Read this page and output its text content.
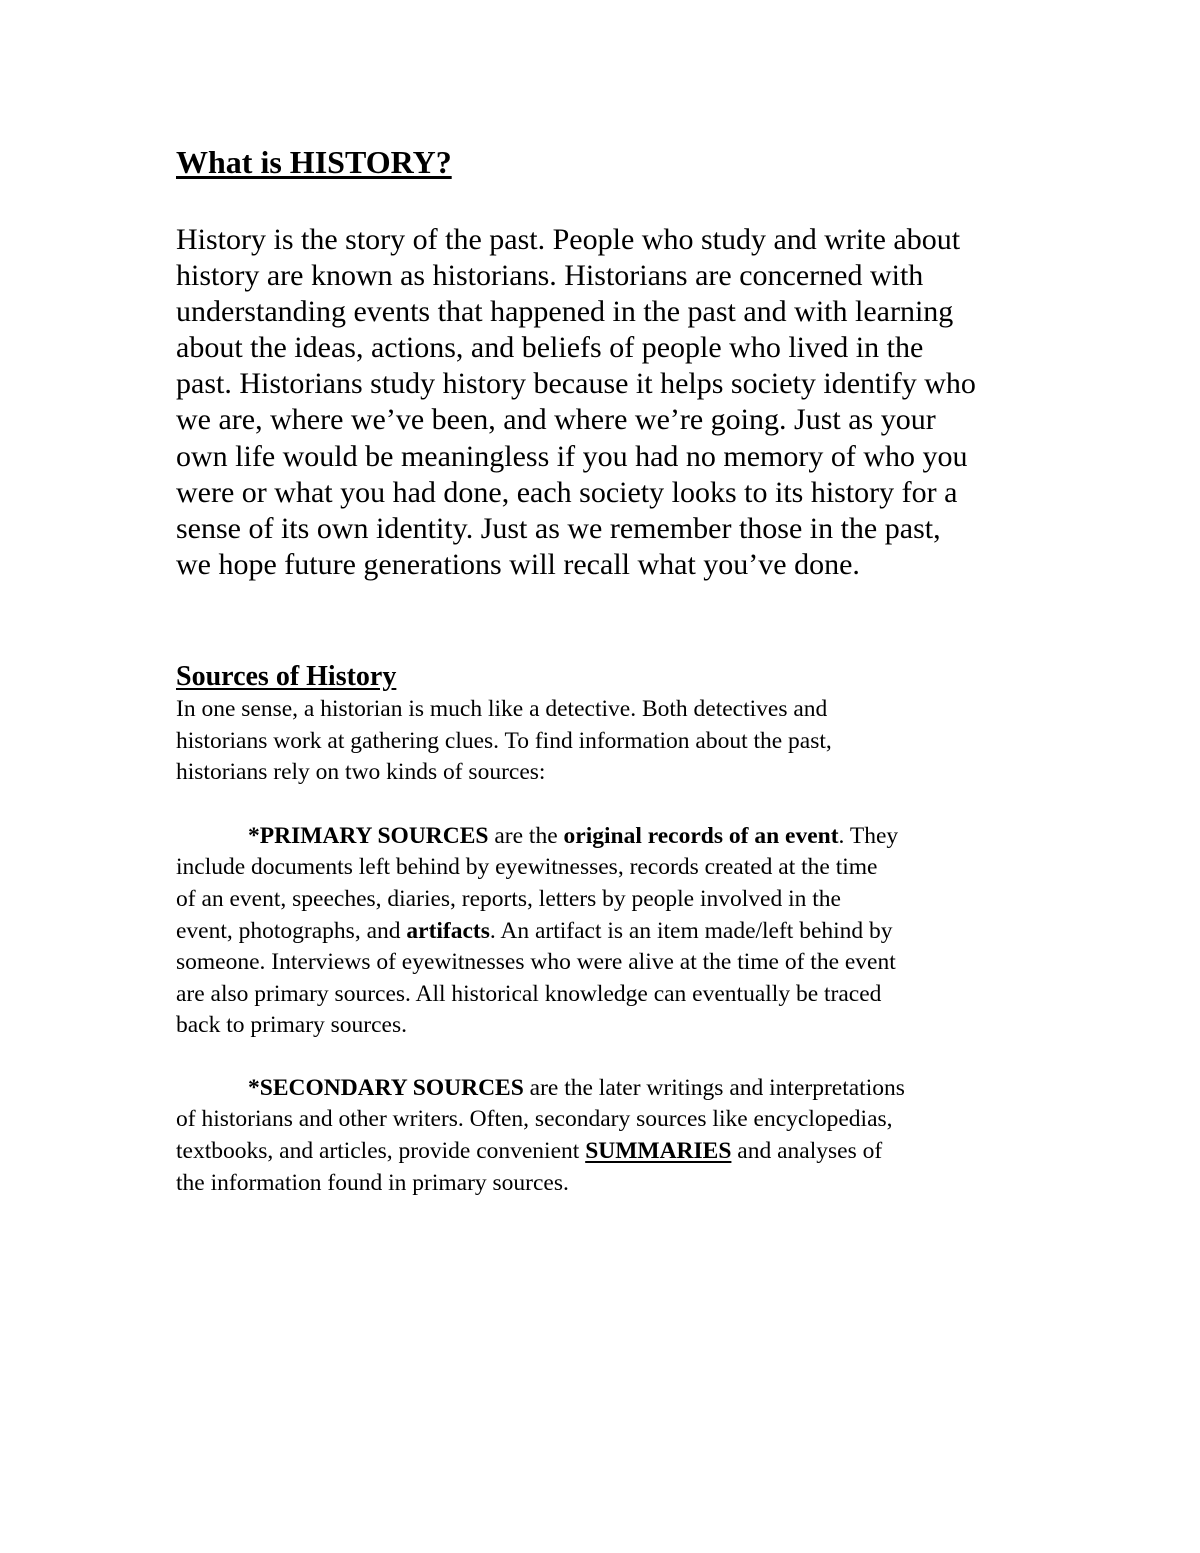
What is HISTORY?

History is the story of the past. People who study and write about
history are known as historians. Historians are concerned with
understanding events that happened in the past and with learning
about the ideas, actions, and beliefs of people who lived in the
past. Historians study history because it helps society identify who
we are, where we’ve been, and where we’re going. Just as your
own life would be meaningless if you had no memory of who you
were or what you had done, each society looks to its history for a
sense of its own identity. Just as we remember those in the past,
we hope future generations will recall what you’ve done.

Sources of History

In one sense, a historian is much like a detective. Both detectives and
historians work at gathering clues. To find information about the past,
historians rely on two kinds of sources:

*PRIMARY SOURCES are the original records of an event. They
include documents left behind by eyewitnesses, records created at the time
of an event, speeches, diaries, reports, letters by people involved in the
event, photographs, and artifacts. An artifact is an item made/left behind by
someone. Interviews of eyewitnesses who were alive at the time of the event
are also primary sources. All historical knowledge can eventually be traced
back to primary sources.

*SECONDARY SOURCES are the later writings and interpretations
of historians and other writers. Often, secondary sources like encyclopedias,
textbooks, and articles, provide convenient SUMMARIES and analyses of
the information found in primary sources.
